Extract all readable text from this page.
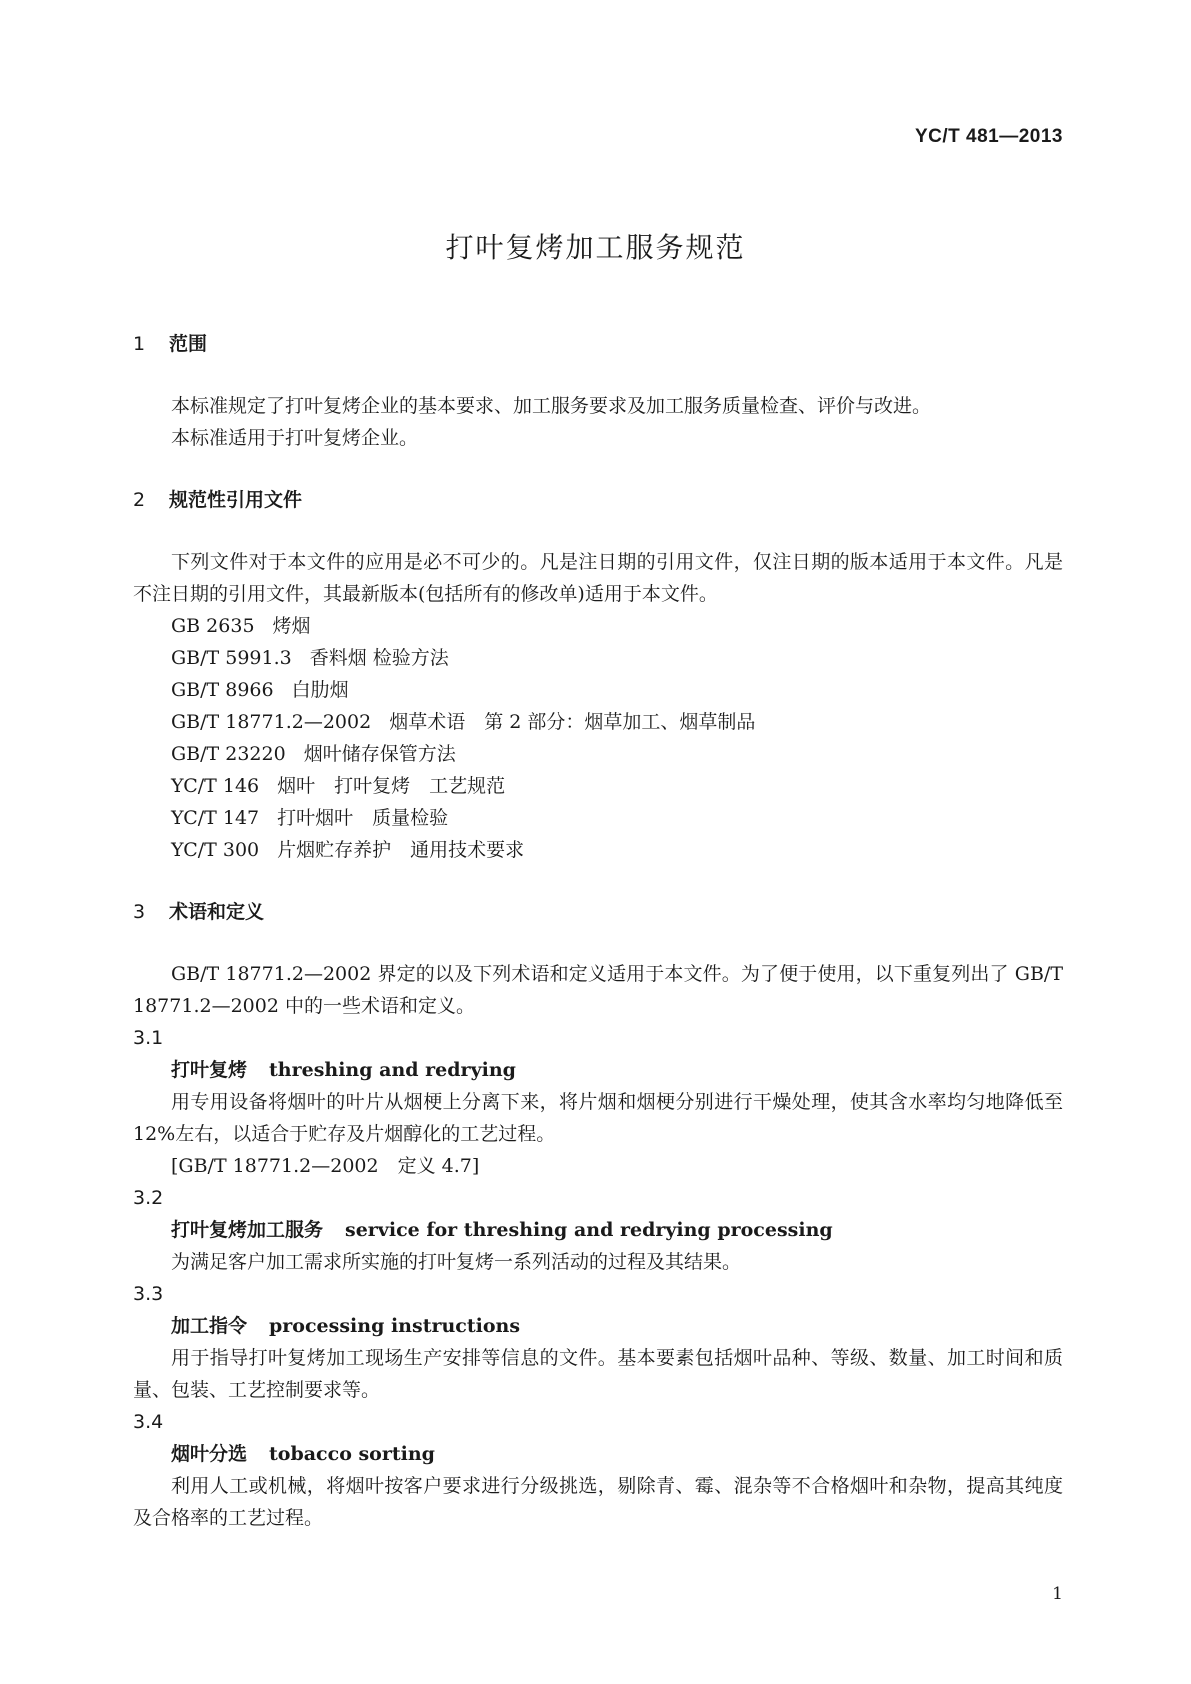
YC/T 481—2013
打叶复烤加工服务规范
1 范围

本标准规定了打叶复烤企业的基本要求、加工服务要求及加工服务质量检查、评价与改进。

本标准适用于打叶复烤企业。

2 规范性引用文件

下列文件对于本文件的应用是必不可少的。凡是注日期的引用文件，仅注日期的版本适用于本文件。凡是不注日期的引用文件，其最新版本(包括所有的修改单)适用于本文件。

GB 2635 烤烟

GB/T 5991.3 香料烟 检验方法

GB/T 8966 白肋烟

GB/T 18771.2—2002 烟草术语　第 2 部分：烟草加工、烟草制品

GB/T 23220 烟叶储存保管方法

YC/T 146 烟叶　打叶复烤　工艺规范

YC/T 147 打叶烟叶　质量检验

YC/T 300 片烟贮存养护　通用技术要求

3 术语和定义

GB/T 18771.2—2002 界定的以及下列术语和定义适用于本文件。为了便于使用，以下重复列出了 GB/T 18771.2—2002 中的一些术语和定义。

3.1

打叶复烤 threshing and redrying

用专用设备将烟叶的叶片从烟梗上分离下来，将片烟和烟梗分别进行干燥处理，使其含水率均匀地降低至 12%左右，以适合于贮存及片烟醇化的工艺过程。

[GB/T 18771.2—2002　定义 4.7]

3.2

打叶复烤加工服务 service for threshing and redrying processing

为满足客户加工需求所实施的打叶复烤一系列活动的过程及其结果。

3.3

加工指令 processing instructions

用于指导打叶复烤加工现场生产安排等信息的文件。基本要素包括烟叶品种、等级、数量、加工时间和质量、包装、工艺控制要求等。

3.4

烟叶分选 tobacco sorting

利用人工或机械，将烟叶按客户要求进行分级挑选，剔除青、霉、混杂等不合格烟叶和杂物，提高其纯度及合格率的工艺过程。

1
